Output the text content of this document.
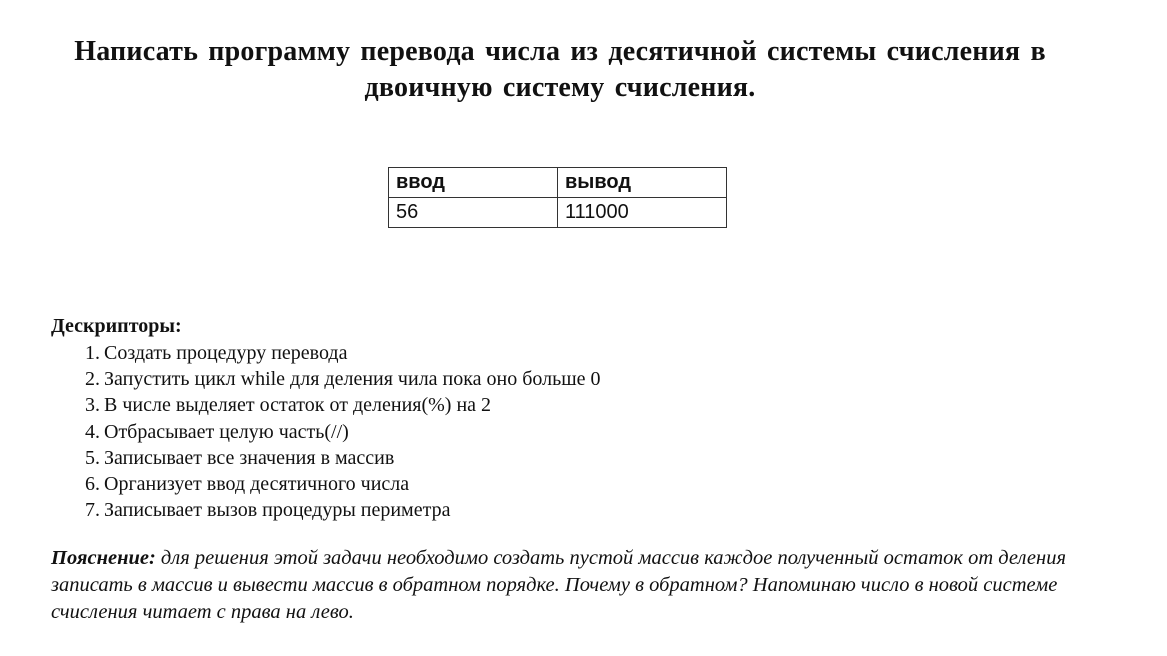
Написать программу перевода числа из десятичной системы счисления в
двоичную систему счисления.
ввод	вывод
56	111000
Дескрипторы:
1. Создать процедуру перевода
2. Запустить цикл while для деления чила пока оно больше 0
3. В числе выделяет остаток от деления(%) на 2
4. Отбрасывает целую часть(//)
5. Записывает все значения в массив
6. Организует ввод десятичного числа
7. Записывает вызов процедуры периметра
Пояснение: для решения этой задачи необходимо создать пустой массив каждое полученный остаток от деления записать в массив и вывести массив в обратном порядке. Почему в обратном? Напоминаю число в новой системе счисления читает с права на лево.
